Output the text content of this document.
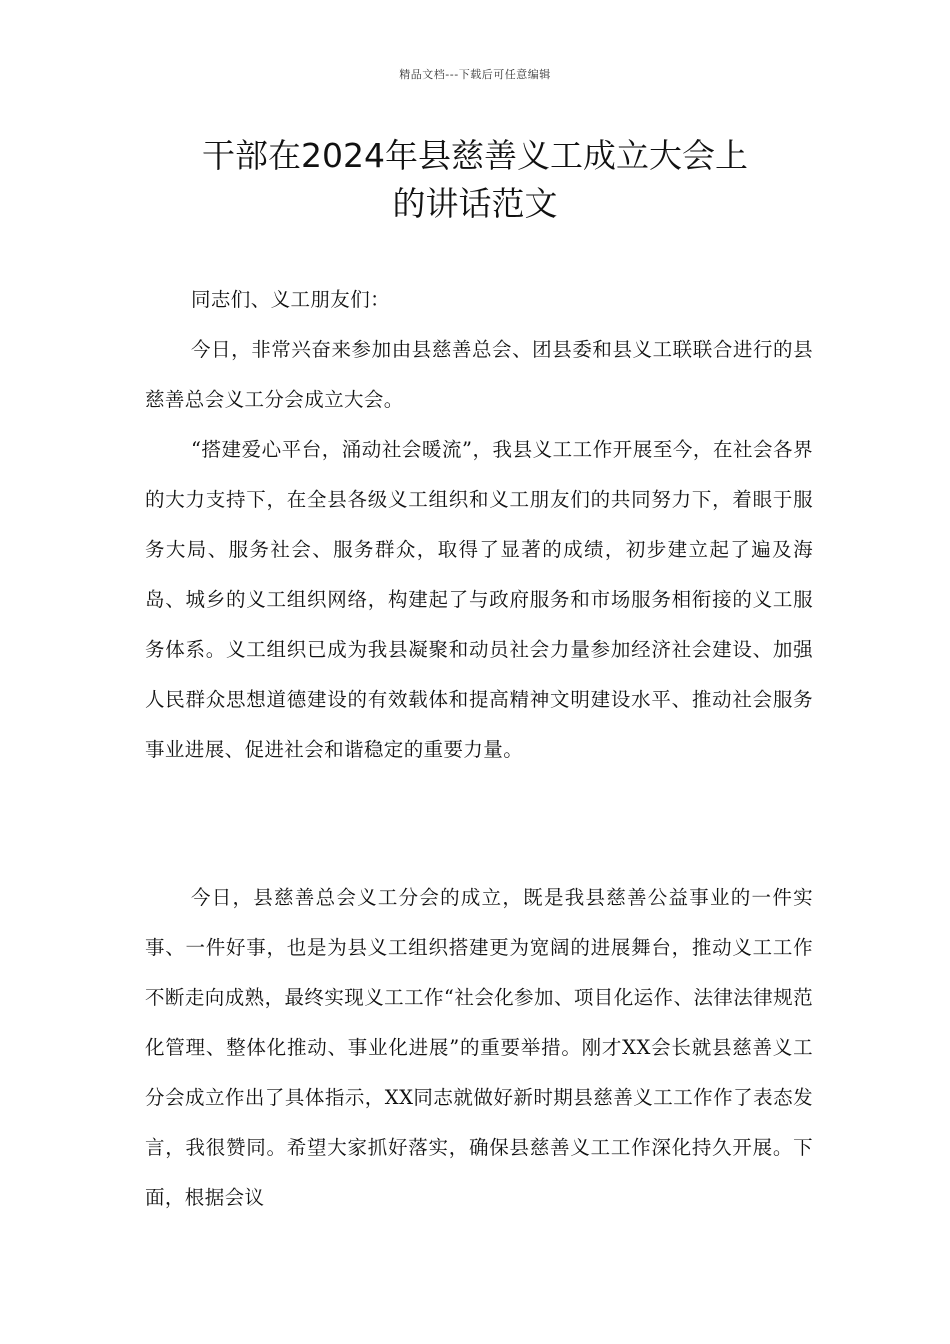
精品文档---下载后可任意编辑
干部在2024年县慈善义工成立大会上
的讲话范文

同志们、义工朋友们：

今日，非常兴奋来参加由县慈善总会、团县委和县义工联联合进行的县慈善总会义工分会成立大会。

“搭建爱心平台，涌动社会暖流”，我县义工工作开展至今，在社会各界的大力支持下，在全县各级义工组织和义工朋友们的共同努力下，着眼于服务大局、服务社会、服务群众，取得了显著的成绩，初步建立起了遍及海岛、城乡的义工组织网络，构建起了与政府服务和市场服务相衔接的义工服务体系。义工组织已成为我县凝聚和动员社会力量参加经济社会建设、加强人民群众思想道德建设的有效载体和提高精神文明建设水平、推动社会服务事业进展、促进社会和谐稳定的重要力量。

今日，县慈善总会义工分会的成立，既是我县慈善公益事业的一件实事、一件好事，也是为县义工组织搭建更为宽阔的进展舞台，推动义工工作不断走向成熟，最终实现义工工作“社会化参加、项目化运作、法律法律规范化管理、整体化推动、事业化进展”的重要举措。刚才XX会长就县慈善义工分会成立作出了具体指示，XX同志就做好新时期县慈善义工工作作了表态发言，我很赞同。希望大家抓好落实，确保县慈善义工工作深化持久开展。下面，根据会议
